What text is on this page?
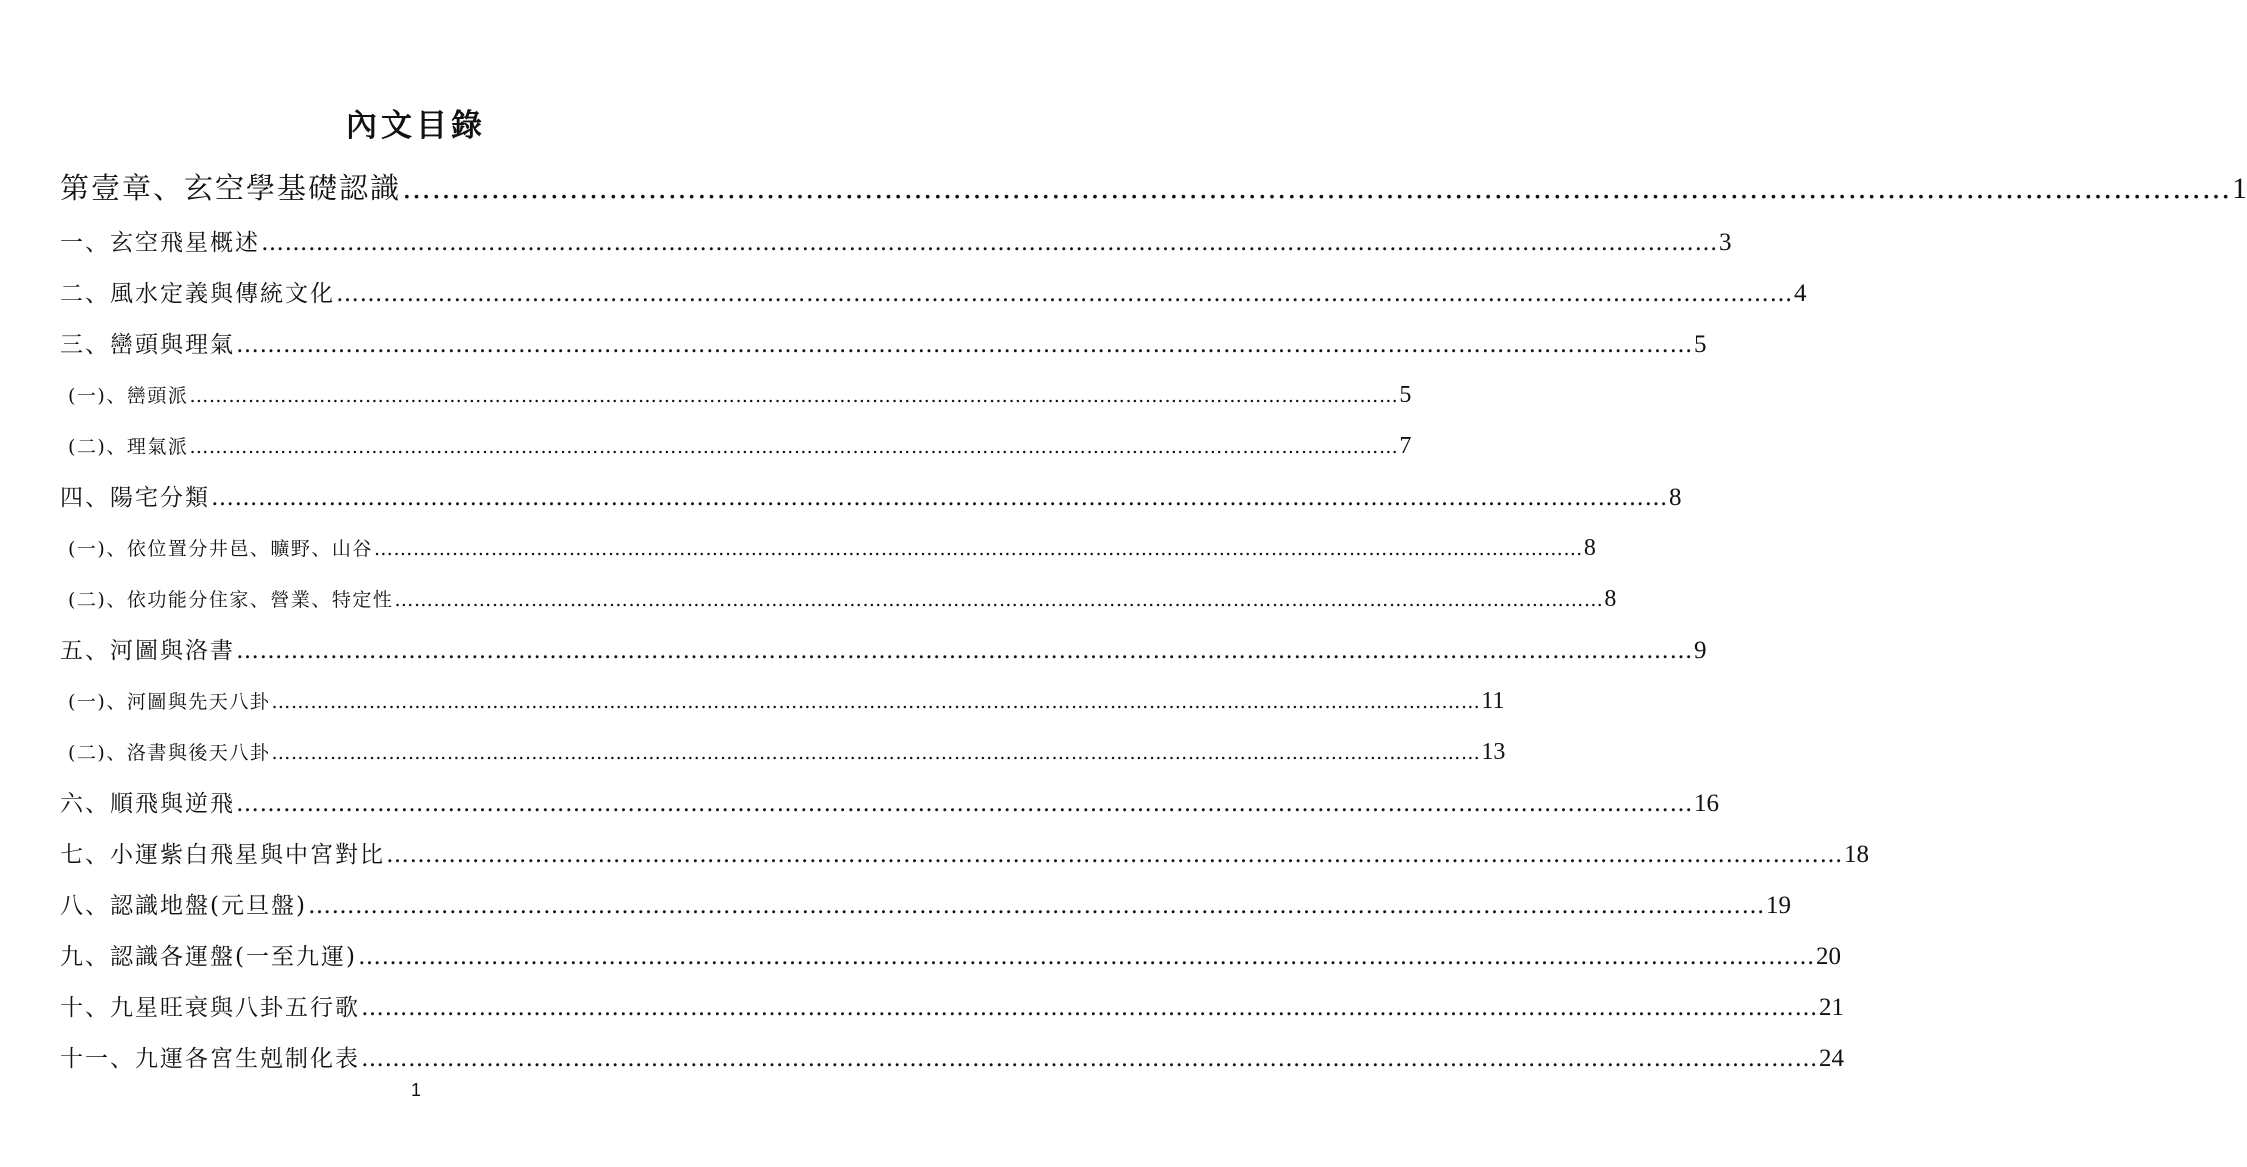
內文目錄
第壹章、玄空學基礎認識 …………………………………………………………………………………………………………………………………………………………………… 1
一、玄空飛星概述 …………………………………………………………………………………………………………………………………………………………………… 3
二、風水定義與傳統文化 …………………………………………………………………………………………………………………………………………………………………… 4
三、巒頭與理氣 …………………………………………………………………………………………………………………………………………………………………… 5
(一)、巒頭派 …………………………………………………………………………………………………………………………………………………………………… 5
(二)、理氣派 …………………………………………………………………………………………………………………………………………………………………… 7
四、陽宅分類 …………………………………………………………………………………………………………………………………………………………………… 8
(一)、依位置分井邑、曠野、山谷 …………………………………………………………………………………………………………………………………………………………………… 8
(二)、依功能分住家、營業、特定性 …………………………………………………………………………………………………………………………………………………………………… 8
五、河圖與洛書 …………………………………………………………………………………………………………………………………………………………………… 9
(一)、河圖與先天八卦 …………………………………………………………………………………………………………………………………………………………………… 11
(二)、洛書與後天八卦 …………………………………………………………………………………………………………………………………………………………………… 13
六、順飛與逆飛 …………………………………………………………………………………………………………………………………………………………………… 16
七、小運紫白飛星與中宮對比 …………………………………………………………………………………………………………………………………………………………………… 18
八、認識地盤(元旦盤) …………………………………………………………………………………………………………………………………………………………………… 19
九、認識各運盤(一至九運) …………………………………………………………………………………………………………………………………………………………………… 20
十、九星旺衰與八卦五行歌 …………………………………………………………………………………………………………………………………………………………………… 21
十一、九運各宮生剋制化表 …………………………………………………………………………………………………………………………………………………………………… 24
1
